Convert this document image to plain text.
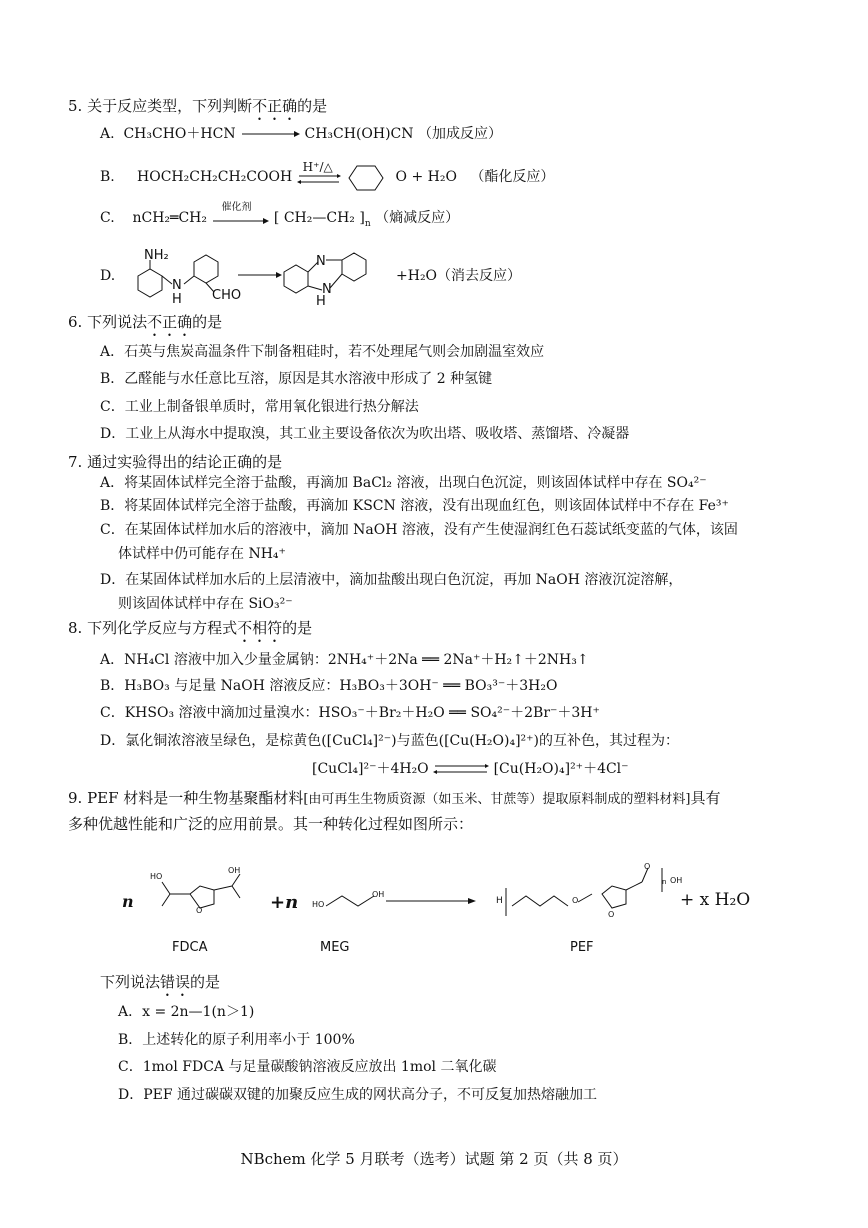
5. 关于反应类型，下列判断不正确的是
A. CH₃CHO＋HCN	CH₃CH(OH)CN （加成反应）
B. HOCH₂CH₂CH₂COOH
H⁺/△
O + H₂O （酯化反应）
C. nCH₂═CH₂
催化剂
[ CH₂—CH₂ ]$_n$ （熵减反应）
D.
NH₂
N
H CHO
N
N
H
+H₂O（消去反应）
6. 下列说法不正确的是
A．石英与焦炭高温条件下制备粗硅时，若不处理尾气则会加剧温室效应
B．乙醛能与水任意比互溶，原因是其水溶液中形成了 2 种氢键
C．工业上制备银单质时，常用氧化银进行热分解法
D．工业上从海水中提取溴，其工业主要设备依次为吹出塔、吸收塔、蒸馏塔、冷凝器
7. 通过实验得出的结论正确的是
A．将某固体试样完全溶于盐酸，再滴加 BaCl₂ 溶液，出现白色沉淀，则该固体试样中存在 SO₄²⁻
B．将某固体试样完全溶于盐酸，再滴加 KSCN 溶液，没有出现血红色，则该固体试样中不存在 Fe³⁺
C．在某固体试样加水后的溶液中，滴加 NaOH 溶液，没有产生使湿润红色石蕊试纸变蓝的气体，该固
体试样中仍可能存在 NH₄⁺
D．在某固体试样加水后的上层清液中，滴加盐酸出现白色沉淀，再加 NaOH 溶液沉淀溶解，
则该固体试样中存在 SiO₃²⁻
8. 下列化学反应与方程式不相符的是
A．NH₄Cl 溶液中加入少量金属钠：2NH₄⁺＋2Na ══ 2Na⁺＋H₂↑＋2NH₃↑
B．H₃BO₃ 与足量 NaOH 溶液反应：H₃BO₃＋3OH⁻ ══ BO₃³⁻＋3H₂O
C．KHSO₃ 溶液中滴加过量溴水：HSO₃⁻＋Br₂＋H₂O ══ SO₄²⁻＋2Br⁻＋3H⁺
D．氯化铜浓溶液呈绿色，是棕黄色([CuCl₄]²⁻)与蓝色([Cu(H₂O)₄]²⁺)的互补色，其过程为：
[CuCl₄]²⁻＋4H₂O ⇌ [Cu(H₂O)₄]²⁺＋4Cl⁻
9. PEF 材料是一种生物基聚酯材料[由可再生生物质资源（如玉米、甘蔗等）提取原料制成的塑料材料]具有
多种优越性能和广泛的应用前景。其一种转化过程如图所示：
n
HO
OH
O	+n HO
OH
H	O
O
O
n OH
+ x H₂O
FDCA	MEG	PEF
下列说法错误的是
A．x = 2n—1(n＞1)
B．上述转化的原子利用率小于 100%
C．1mol FDCA 与足量碳酸钠溶液反应放出 1mol 二氧化碳
D．PEF 通过碳碳双键的加聚反应生成的网状高分子，不可反复加热熔融加工
NBchem 化学 5 月联考（选考）试题 第 2 页（共 8 页）
